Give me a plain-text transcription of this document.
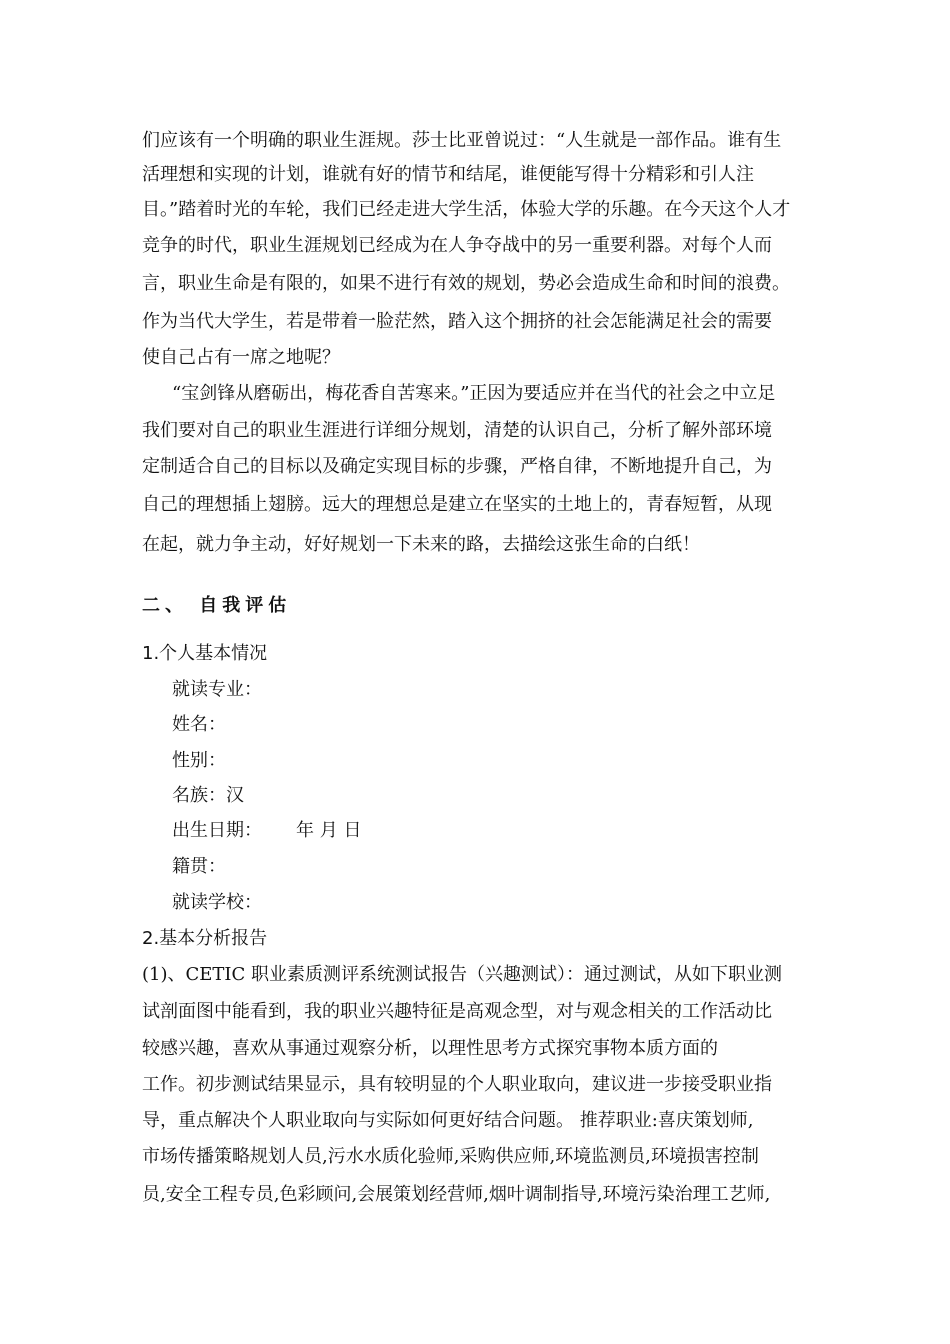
们应该有一个明确的职业生涯规。莎士比亚曾说过：“人生就是一部作品。谁有生
活理想和实现的计划，谁就有好的情节和结尾，谁便能写得十分精彩和引人注
目。”踏着时光的车轮，我们已经走进大学生活，体验大学的乐趣。在今天这个人才
竞争的时代，职业生涯规划已经成为在人争夺战中的另一重要利器。对每个人而
言，职业生命是有限的，如果不进行有效的规划，势必会造成生命和时间的浪费。
作为当代大学生，若是带着一脸茫然，踏入这个拥挤的社会怎能满足社会的需要
使自己占有一席之地呢？
“宝剑锋从磨砺出，梅花香自苦寒来。”正因为要适应并在当代的社会之中立足
我们要对自己的职业生涯进行详细分规划，清楚的认识自己，分析了解外部环境
定制适合自己的目标以及确定实现目标的步骤，严格自律，不断地提升自己，为
自己的理想插上翅膀。远大的理想总是建立在坚实的土地上的，青春短暂，从现
在起，就力争主动，好好规划一下未来的路，去描绘这张生命的白纸！
二、 自我评估
1.个人基本情况
就读专业：
姓名：
性别：
名族：汉
出生日期： 年 月 日
籍贯：
就读学校：
2.基本分析报告
(1)、CETIC 职业素质测评系统测试报告（兴趣测试）：通过测试，从如下职业测
试剖面图中能看到，我的职业兴趣特征是高观念型，对与观念相关的工作活动比
较感兴趣，喜欢从事通过观察分析，以理性思考方式探究事物本质方面的
工作。初步测试结果显示，具有较明显的个人职业取向，建议进一步接受职业指
导，重点解决个人职业取向与实际如何更好结合问题。 推荐职业:喜庆策划师,
市场传播策略规划人员,污水水质化验师,采购供应师,环境监测员,环境损害控制
员,安全工程专员,色彩顾问,会展策划经营师,烟叶调制指导,环境污染治理工艺师,
